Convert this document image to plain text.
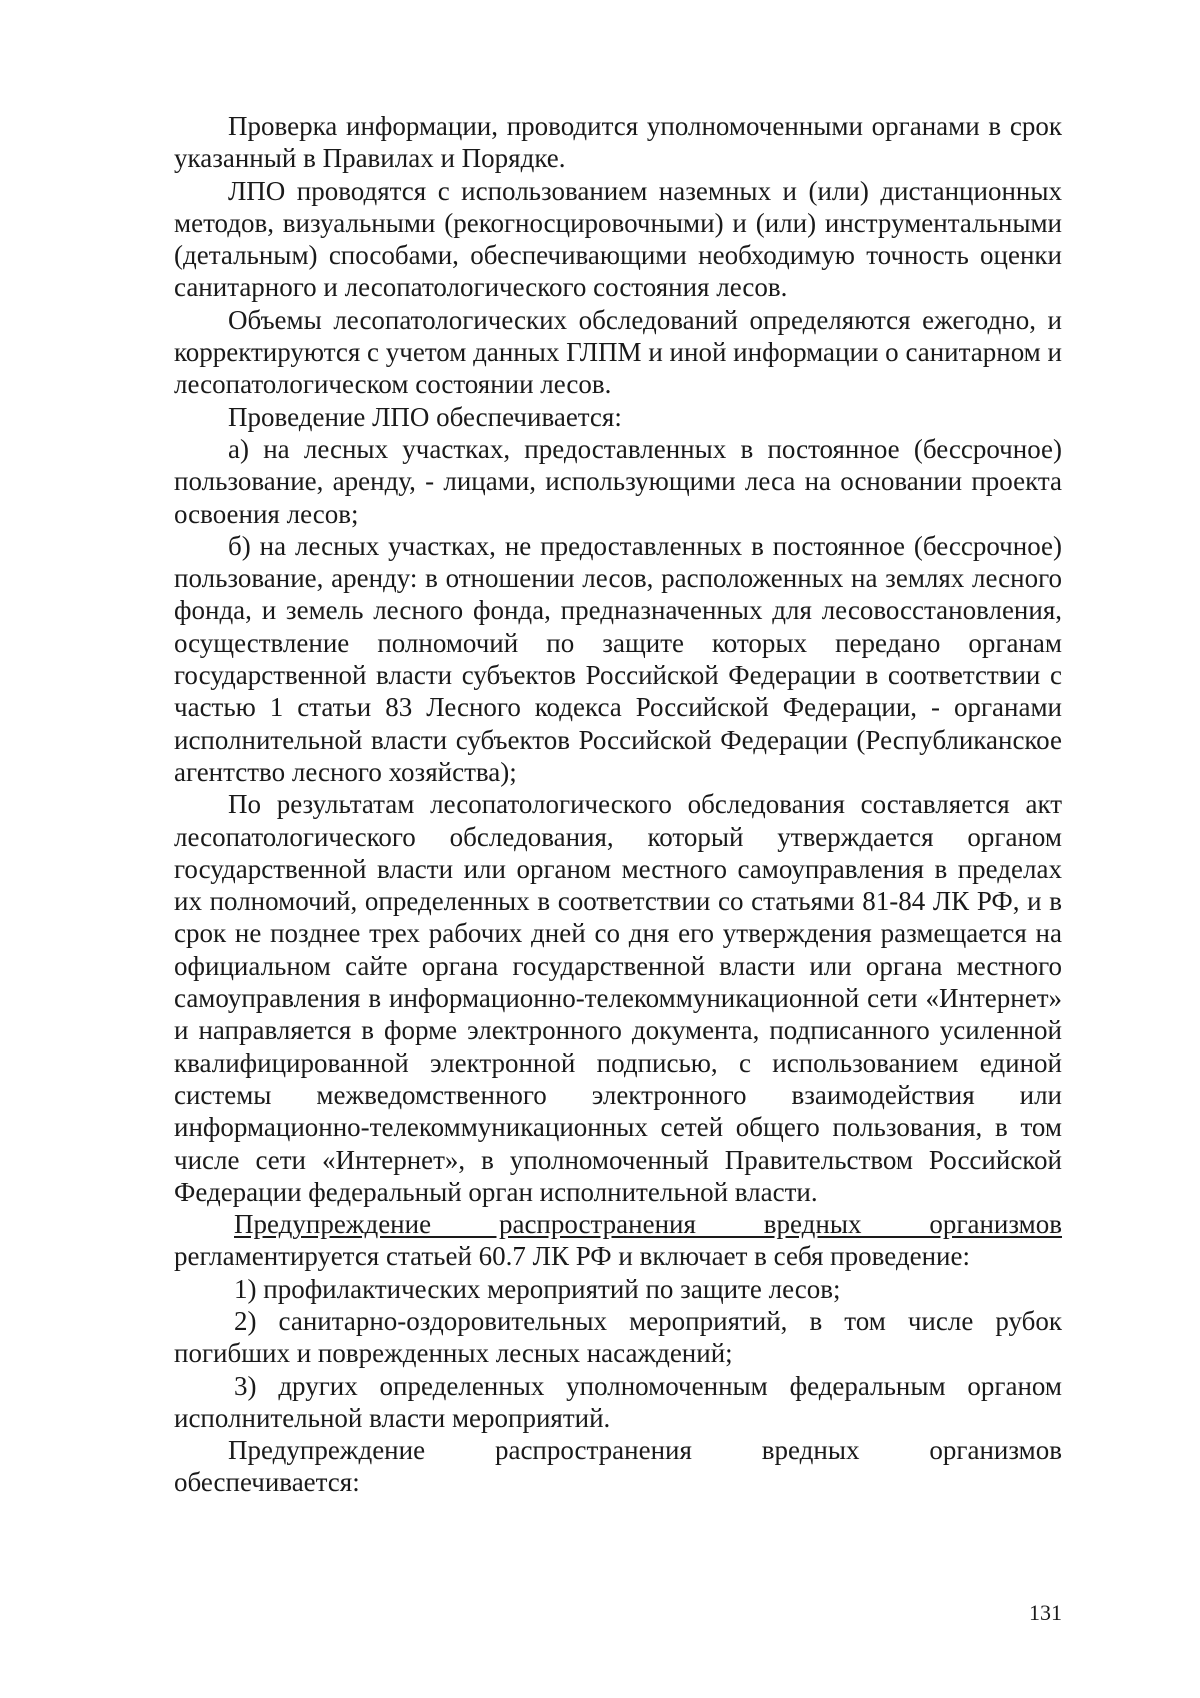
Проверка информации, проводится уполномоченными органами в срок указанный в Правилах и Порядке.

ЛПО проводятся с использованием наземных и (или) дистанционных методов, визуальными (рекогносцировочными) и (или) инструментальными (детальным) способами, обеспечивающими необходимую точность оценки санитарного и лесопатологического состояния лесов.

Объемы лесопатологических обследований определяются ежегодно, и корректируются с учетом данных ГЛПМ и иной информации о санитарном и лесопатологическом состоянии лесов.

Проведение ЛПО обеспечивается:

а) на лесных участках, предоставленных в постоянное (бессрочное) пользование, аренду, - лицами, использующими леса на основании проекта освоения лесов;

б) на лесных участках, не предоставленных в постоянное (бессрочное) пользование, аренду: в отношении лесов, расположенных на землях лесного фонда, и земель лесного фонда, предназначенных для лесовосстановления, осуществление полномочий по защите которых передано органам государственной власти субъектов Российской Федерации в соответствии с частью 1 статьи 83 Лесного кодекса Российской Федерации, - органами исполнительной власти субъектов Российской Федерации (Республиканское агентство лесного хозяйства);

По результатам лесопатологического обследования составляется акт лесопатологического обследования, который утверждается органом государственной власти или органом местного самоуправления в пределах их полномочий, определенных в соответствии со статьями 81-84 ЛК РФ, и в срок не позднее трех рабочих дней со дня его утверждения размещается на официальном сайте органа государственной власти или органа местного самоуправления в информационно-телекоммуникационной сети «Интернет» и направляется в форме электронного документа, подписанного усиленной квалифицированной электронной подписью, с использованием единой системы межведомственного электронного взаимодействия или информационно-телекоммуникационных сетей общего пользования, в том числе сети «Интернет», в уполномоченный Правительством Российской Федерации федеральный орган исполнительной власти.

Предупреждение распространения вредных организмов регламентируется статьей 60.7 ЛК РФ и включает в себя проведение:

1) профилактических мероприятий по защите лесов;

2) санитарно-оздоровительных мероприятий, в том числе рубок погибших и поврежденных лесных насаждений;

3) других определенных уполномоченным федеральным органом исполнительной власти мероприятий.

Предупреждение распространения вредных организмов обеспечивается:

131
